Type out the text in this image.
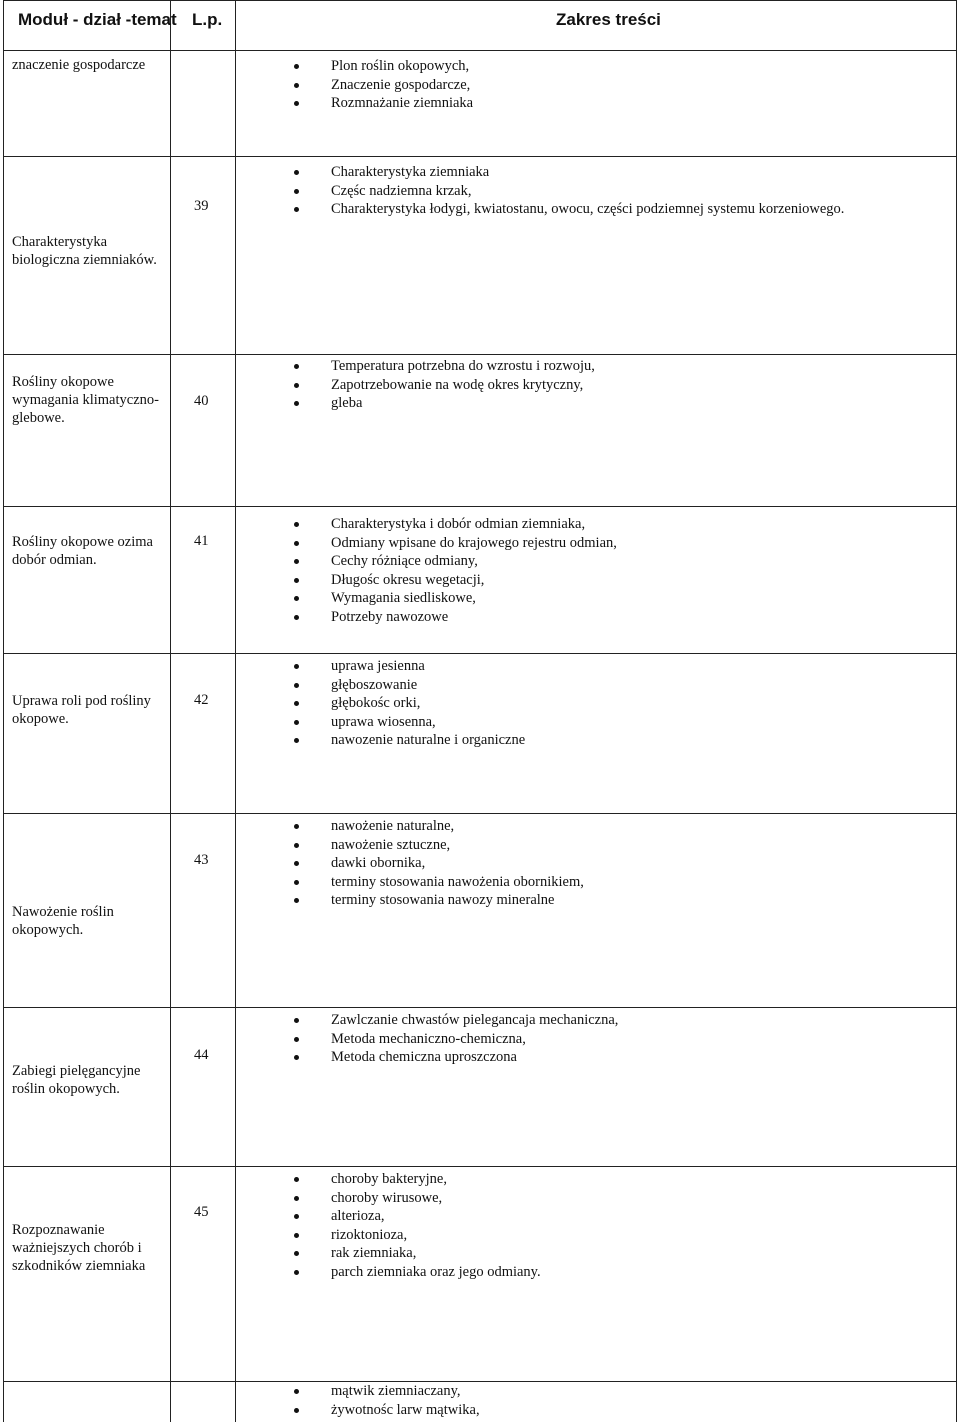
Moduł - dział -temat L.p.	Zakres treści
znaczenie gospodarcze	Plon roślin okopowych,
Znaczenie gospodarcze,
Rozmnażanie ziemniaka
Charakterystyka biologiczna ziemniaków.
39
Charakterystyka ziemniaka
Częśc nadziemna krzak,
Charakterystyka łodygi, kwiatostanu, owocu, części podziemnej systemu korzeniowego.
Rośliny okopowe wymagania klimatyczno-glebowe.
40
Temperatura potrzebna do wzrostu i rozwoju,
Zapotrzebowanie na wodę okres krytyczny,
gleba
Rośliny okopowe ozima dobór odmian.
41
Charakterystyka i dobór odmian ziemniaka,
Odmiany wpisane do krajowego rejestru odmian,
Cechy różniące odmiany,
Długośc okresu wegetacji,
Wymagania siedliskowe,
Potrzeby nawozowe
Uprawa roli pod rośliny okopowe.
42
uprawa jesienna
głęboszowanie
głębokośc orki,
uprawa wiosenna,
nawozenie naturalne i organiczne
Nawożenie roślin okopowych.
43
nawożenie naturalne,
nawożenie sztuczne,
dawki obornika,
terminy stosowania nawożenia obornikiem,
terminy stosowania nawozy mineralne
Zabiegi pielęgancyjne roślin okopowych.
44
Zawlczanie chwastów pielegancaja mechaniczna,
Metoda mechaniczno-chemiczna,
Metoda chemiczna uproszczona
Rozpoznawanie ważniejszych chorób i szkodników ziemniaka
45
choroby bakteryjne,
choroby wirusowe,
alterioza,
rizoktonioza,
rak ziemniaka,
parch ziemniaka oraz jego odmiany.
mątwik ziemniaczany,
żywotnośc larw mątwika,
